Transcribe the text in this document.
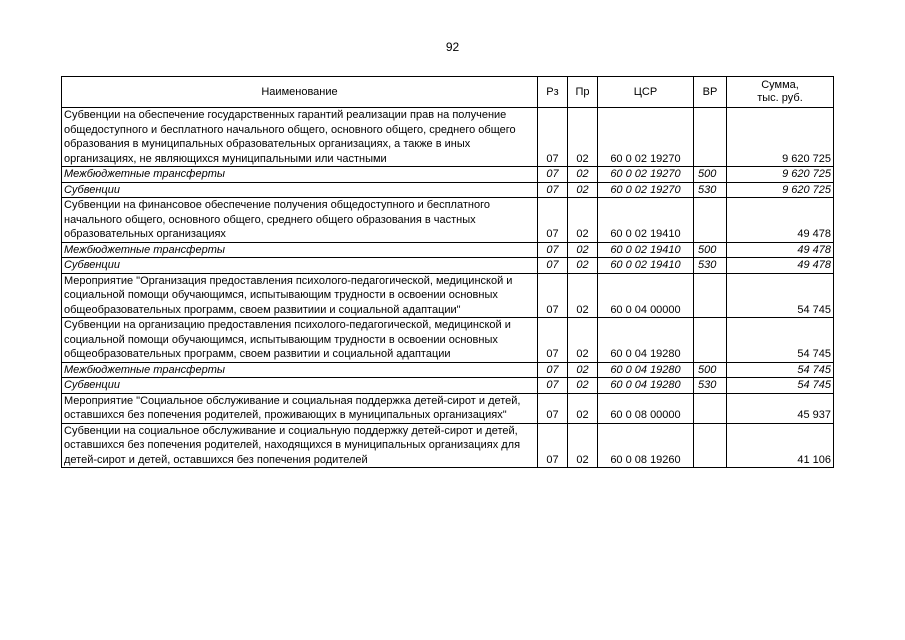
92
Наименование	Рз	Пр	ЦСР	ВР	Сумма,
тыс. руб.

Субвенции на обеспечение государственных гарантий реализации прав на получение общедоступного и бесплатного начального общего, основного общего, среднего общего образования в муниципальных образовательных организациях, а также в иных организациях, не являющихся муниципальными или частными	07	02	60 0 02 19270		9 620 725
Межбюджетные трансферты	07	02	60 0 02 19270	500	9 620 725
Субвенции	07	02	60 0 02 19270	530	9 620 725
Субвенции на финансовое обеспечение получения общедоступного и бесплатного начального общего, основного общего, среднего общего образования в частных образовательных организациях	07	02	60 0 02 19410		49 478
Межбюджетные трансферты	07	02	60 0 02 19410	500	49 478
Субвенции	07	02	60 0 02 19410	530	49 478
Мероприятие "Организация предоставления психолого-педагогической, медицинской и социальной помощи обучающимся, испытывающим трудности в освоении основных общеобразовательных программ, своем развитиии и социальной адаптации"	07	02	60 0 04 00000		54 745
Субвенции на организацию предоставления психолого-педагогической, медицинской и социальной помощи обучающимся, испытывающим трудности в освоении основных общеобразовательных программ, своем развитии и социальной адаптации	07	02	60 0 04 19280		54 745
Межбюджетные трансферты	07	02	60 0 04 19280	500	54 745
Субвенции	07	02	60 0 04 19280	530	54 745
Мероприятие "Социальное обслуживание и социальная поддержка детей-сирот и детей, оставшихся без попечения родителей, проживающих в муниципальных организациях"	07	02	60 0 08 00000		45 937
Субвенции на социальное обслуживание и социальную поддержку детей-сирот и детей, оставшихся без попечения родителей, находящихся в муниципальных организациях для детей-сирот и детей, оставшихся без попечения родителей	07	02	60 0 08 19260		41 106
